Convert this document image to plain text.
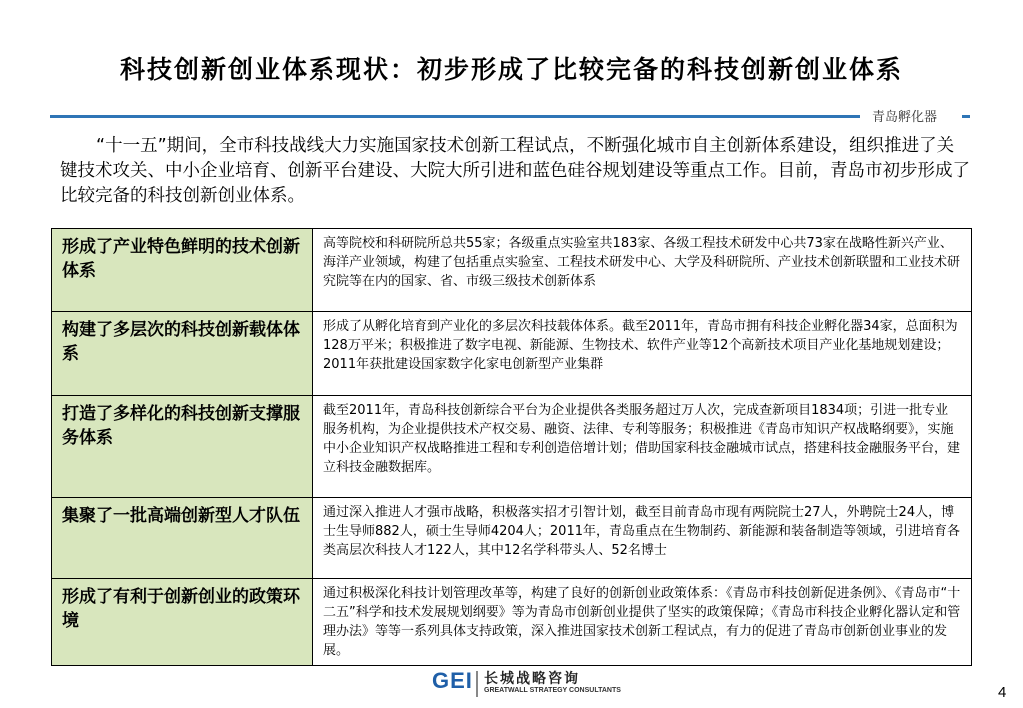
科技创新创业体系现状：初步形成了比较完备的科技创新创业体系
青岛孵化器
“十一五”期间，全市科技战线大力实施国家技术创新工程试点，不断强化城市自主创新体系建设，组织推进了关键技术攻关、中小企业培育、创新平台建设、大院大所引进和蓝色硅谷规划建设等重点工作。目前，青岛市初步形成了比较完备的科技创新创业体系。
形成了产业特色鲜明的技术创新体系	高等院校和科研院所总共55家；各级重点实验室共183家、各级工程技术研发中心共73家在战略性新兴产业、海洋产业领域，构建了包括重点实验室、工程技术研发中心、大学及科研院所、产业技术创新联盟和工业技术研究院等在内的国家、省、市级三级技术创新体系
构建了多层次的科技创新载体体系	形成了从孵化培育到产业化的多层次科技载体体系。截至2011年，青岛市拥有科技企业孵化器34家，总面积为128万平米；积极推进了数字电视、新能源、生物技术、软件产业等12个高新技术项目产业化基地规划建设；2011年获批建设国家数字化家电创新型产业集群
打造了多样化的科技创新支撑服务体系	截至2011年，青岛科技创新综合平台为企业提供各类服务超过万人次，完成查新项目1834项；引进一批专业服务机构，为企业提供技术产权交易、融资、法律、专利等服务；积极推进《青岛市知识产权战略纲要》，实施中小企业知识产权战略推进工程和专利创造倍增计划；借助国家科技金融城市试点，搭建科技金融服务平台，建立科技金融数据库。
集聚了一批高端创新型人才队伍	通过深入推进人才强市战略，积极落实招才引智计划，截至目前青岛市现有两院院士27人，外聘院士24人，博士生导师882人，硕士生导师4204人；2011年，青岛重点在生物制药、新能源和装备制造等领域，引进培育各类高层次科技人才122人，其中12名学科带头人、52名博士
形成了有利于创新创业的政策环境	通过积极深化科技计划管理改革等，构建了良好的创新创业政策体系：《青岛市科技创新促进条例》、《青岛市“十二五”科学和技术发展规划纲要》等为青岛市创新创业提供了坚实的政策保障；《青岛市科技企业孵化器认定和管理办法》等等一系列具体支持政策，深入推进国家技术创新工程试点，有力的促进了青岛市创新创业事业的发展。
GEI 长城战略咨询
GREATWALL STRATEGY CONSULTANTS	4
